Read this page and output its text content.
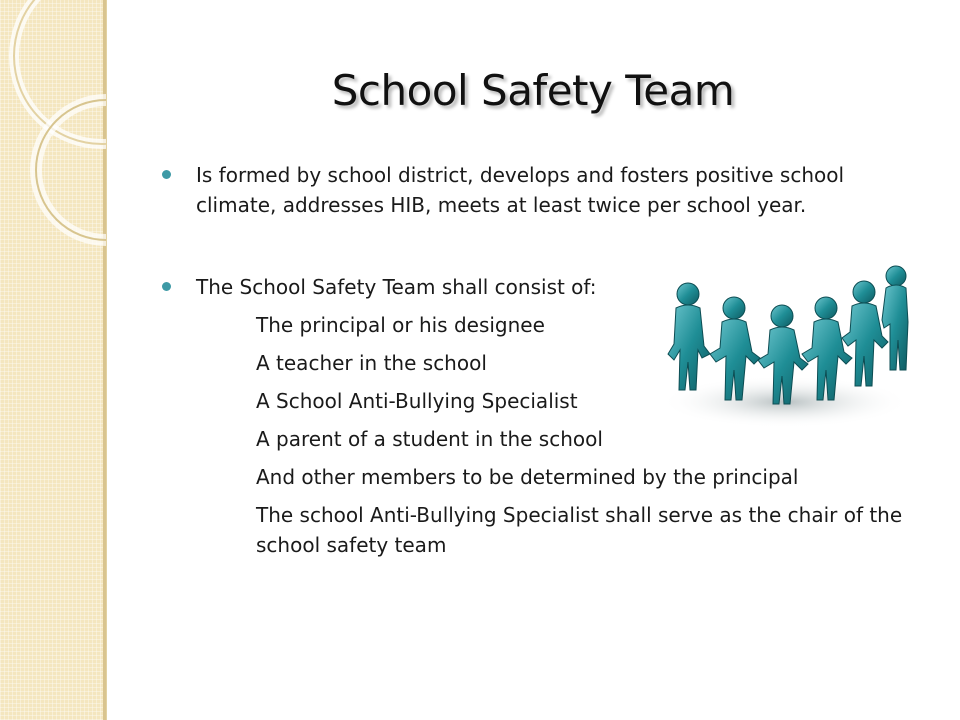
School Safety Team
Is formed by school district, develops and fosters positive school climate, addresses HIB, meets at least twice per school year.
The School Safety Team shall consist of:
The principal or his designee
A teacher in the school
A School Anti-Bullying Specialist
A parent of a student in the school
And other members to be determined by the principal
The school Anti-Bullying Specialist shall serve as the chair of the school safety team
